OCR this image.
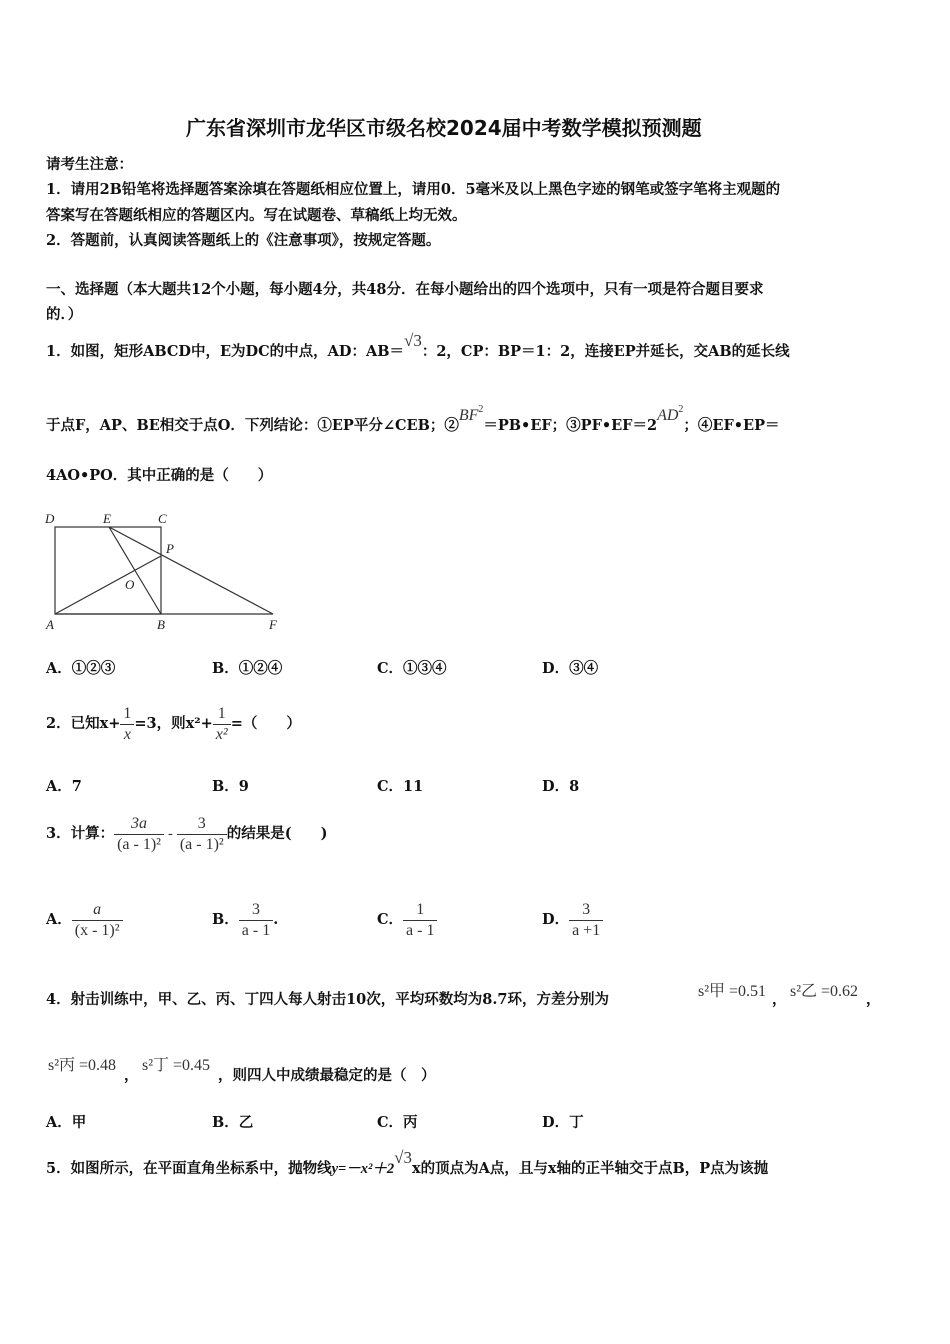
广东省深圳市龙华区市级名校2024届中考数学模拟预测题
请考生注意：
1．请用2B铅笔将选择题答案涂填在答题纸相应位置上，请用0．5毫米及以上黑色字迹的钢笔或签字笔将主观题的
答案写在答题纸相应的答题区内。写在试题卷、草稿纸上均无效。
2．答题前，认真阅读答题纸上的《注意事项》，按规定答题。
一、选择题（本大题共12个小题，每小题4分，共48分．在每小题给出的四个选项中，只有一项是符合题目要求
的．）
1．如图，矩形ABCD中，E为DC的中点，AD：AB＝√3：2，CP：BP＝1：2，连接EP并延长，交AB的延长线
于点F，AP、BE相交于点O．下列结论：①EP平分∠CEB；$②BF^2=PB•EF$；$③PF•EF=2AD^2$；④EF•EP＝
4AO•PO．其中正确的是（　　）
D	E	C
P
O
A	B	F
A．①②③	B．①②④	C．①③④	D．③④
2．已知$x+ \frac{1}{x} =3$，则$x^2+ \frac{1}{\text{x²}}$ =（　　）
A．7	B．9	C．11	D．8
3．计算： $\frac{3a}{\text{(a - 1)²}} - \frac{3}{\text{(a - 1)²}}$ 的结果是(　　)
A． $\frac{a}{\text{(x - 1)²}}$	B． $\frac{3}{a - 1}$ .	C． $\frac{1}{a - 1}$	D． $\frac{3}{a +1}$
4．射击训练中，甲、乙、丙、丁四人每人射击10次，平均环数均为8.7环，方差分别为	s²甲 =0.51 ， s²乙 =0.62 ，
s²丙 =0.48
，
s²丁 =0.45
，则四人中成绩最稳定的是（　）
A．甲	B．乙	C．丙	D．丁
5．如图所示，在平面直角坐标系中，抛物线y=－x²＋2√3x的顶点为A点，且与x轴的正半轴交于点B，P点为该抛
